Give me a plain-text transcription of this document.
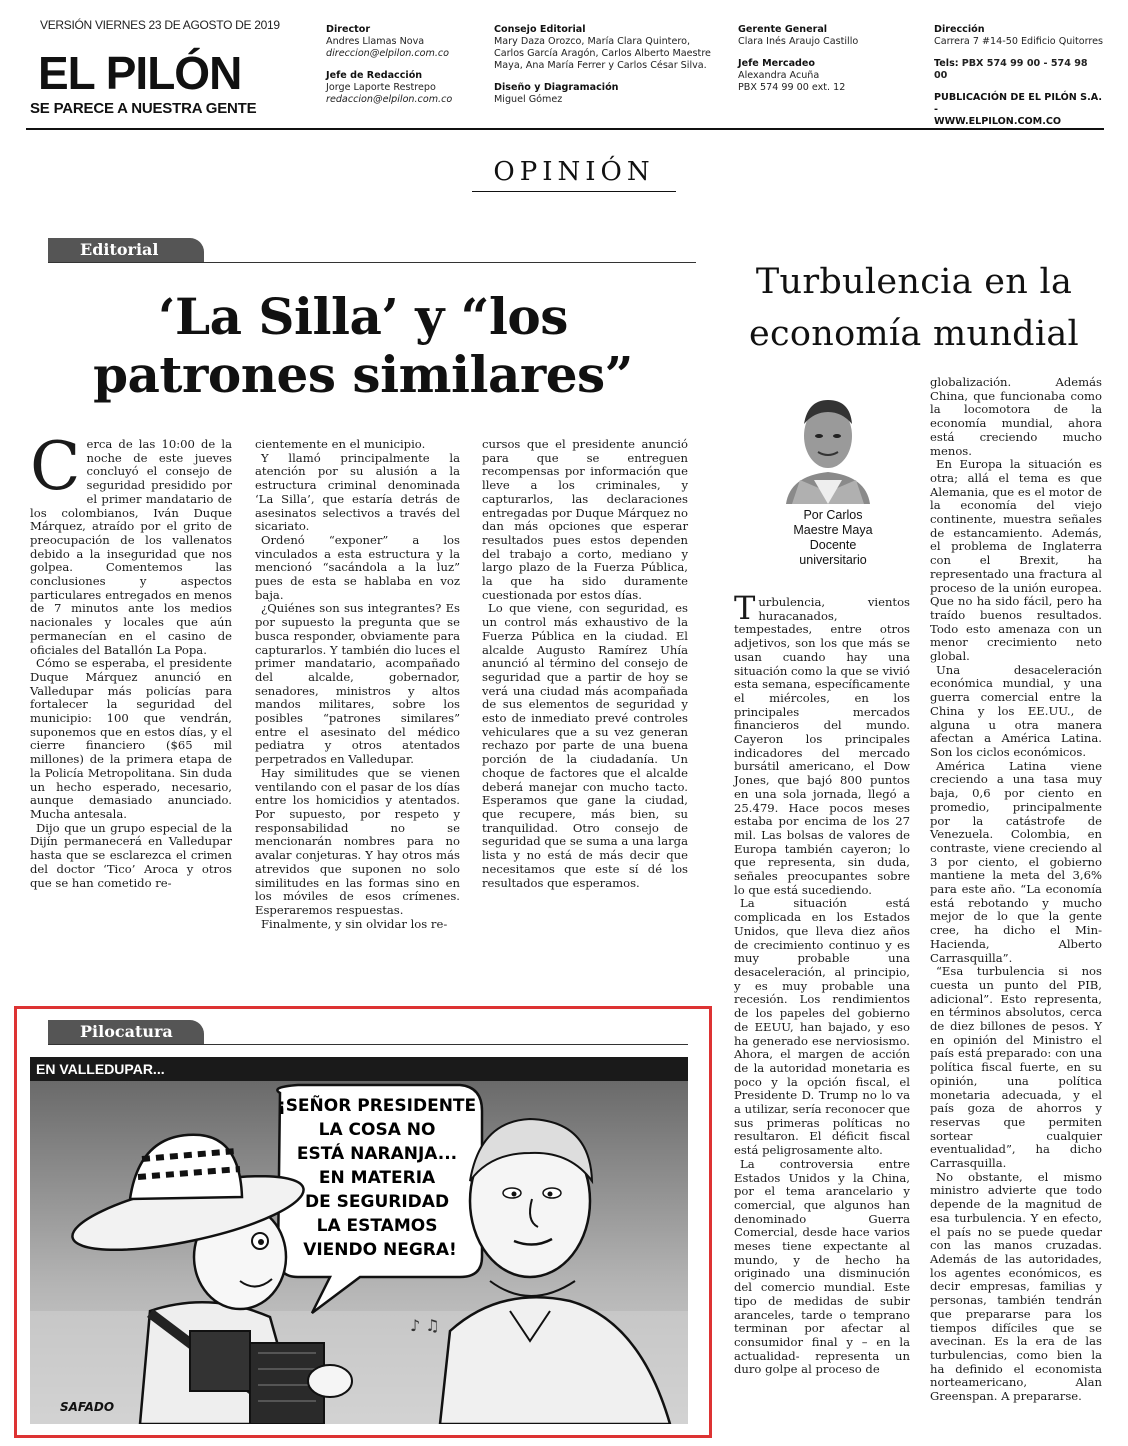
VERSIÓN VIERNES 23 DE AGOSTO DE 2019
EL PILÓN
SE PARECE A NUESTRA GENTE
Director
Andres Llamas Nova
direccion@elpilon.com.co
Jefe de Redacción
Jorge Laporte Restrepo
redaccion@elpilon.com.co
Consejo Editorial
Mary Daza Orozco, María Clara Quintero,
Carlos García Aragón, Carlos Alberto Maestre
Maya, Ana María Ferrer y Carlos César Silva.
Diseño y Diagramación
Miguel Gómez
Gerente General
Clara Inés Araujo Castillo
Jefe Mercadeo
Alexandra Acuña
PBX 574 99 00 ext. 12
Dirección
Carrera 7 #14-50 Edificio Quitorres
Tels: PBX 574 99 00 - 574 98 00
PUBLICACIÓN DE EL PILÓN S.A. -
WWW.ELPILON.COM.CO
OPINIÓN
Editorial
‘La Silla’ y “los
patrones similares”
C erca de las 10:00 de la noche de este jueves concluyó el consejo de seguridad presidido por el primer mandatario de los colombianos, Iván Duque Márquez, atraído por el grito de preocupación de los vallenatos debido a la inseguridad que nos golpea. Comentemos las conclusiones y aspectos particulares entregados en menos de 7 minutos ante los medios nacionales y locales que aún permanecían en el casino de oficiales del Batallón La Popa.

Cómo se esperaba, el presidente Duque Márquez anunció en Valledupar más policías para fortalecer la seguridad del municipio: 100 que vendrán, suponemos que en estos días, y el cierre financiero ($65 mil millones) de la primera etapa de la Policía Metropolitana. Sin duda un hecho esperado, necesario, aunque demasiado anunciado. Mucha antesala.

Dijo que un grupo especial de la Dijín permanecerá en Valledupar hasta que se esclarezca el crimen del doctor ‘Tico’ Aroca y otros que se han cometido re-

cientemente en el municipio.

Y llamó principalmente la atención por su alusión a la estructura criminal denominada ‘La Silla’, que estaría detrás de asesinatos selectivos a través del sicariato.

Ordenó “exponer” a los vinculados a esta estructura y la mencionó “sacándola a la luz” pues de esta se hablaba en voz baja.

¿Quiénes son sus integrantes? Es por supuesto la pregunta que se busca responder, obviamente para capturarlos. Y también dio luces el primer mandatario, acompañado del alcalde, gobernador, senadores, ministros y altos mandos militares, sobre los posibles “patrones similares” entre el asesinato del médico pediatra y otros atentados perpetrados en Valledupar.

Hay similitudes que se vienen ventilando con el pasar de los días entre los homicidios y atentados. Por supuesto, por respeto y responsabilidad no se mencionarán nombres para no avalar conjeturas. Y hay otros más atrevidos que suponen no solo similitudes en las formas sino en los móviles de esos crímenes. Esperaremos respuestas.

Finalmente, y sin olvidar los re-

cursos que el presidente anunció para que se entreguen recompensas por información que lleve a los criminales, y capturarlos, las declaraciones entregadas por Duque Márquez no dan más opciones que esperar resultados pues estos dependen del trabajo a corto, mediano y largo plazo de la Fuerza Pública, la que ha sido duramente cuestionada por estos días.

Lo que viene, con seguridad, es un control más exhaustivo de la Fuerza Pública en la ciudad. El alcalde Augusto Ramírez Uhía anunció al término del consejo de seguridad que a partir de hoy se verá una ciudad más acompañada de sus elementos de seguridad y esto de inmediato prevé controles vehiculares que a su vez generan rechazo por parte de una buena porción de la ciudadanía. Un choque de factores que el alcalde deberá manejar con mucho tacto. Esperamos que gane la ciudad, que recupere, más bien, su tranquilidad. Otro consejo de seguridad que se suma a una larga lista y no está de más decir que necesitamos que este sí dé los resultados que esperamos.

Pilocatura
EN VALLEDUPAR...
¡SEÑOR PRESIDENTE LA COSA NO ESTÁ NARANJA... EN MATERIA DE SEGURIDAD LA ESTAMOS VIENDO NEGRA!
♪ ♫
SAFADO
Turbulencia en la
economía mundial
Por Carlos
Maestre Maya
Docente
universitario
T urbulencia, vientos huracanados, tempestades, entre otros adjetivos, son los que más se usan cuando hay una situación como la que se vivió esta semana, específicamente el miércoles, en los principales mercados financieros del mundo. Cayeron los principales indicadores del mercado bursátil americano, el Dow Jones, que bajó 800 puntos en una sola jornada, llegó a 25.479. Hace pocos meses estaba por encima de los 27 mil. Las bolsas de valores de Europa también cayeron; lo que representa, sin duda, señales preocupantes sobre lo que está sucediendo.

La situación está complicada en los Estados Unidos, que lleva diez años de crecimiento continuo y es muy probable una desaceleración, al principio, y es muy probable una recesión. Los rendimientos de los papeles del gobierno de EEUU, han bajado, y eso ha generado ese nerviosismo. Ahora, el margen de acción de la autoridad monetaria es poco y la opción fiscal, el Presidente D. Trump no lo va a utilizar, sería reconocer que sus primeras políticas no resultaron. El déficit fiscal está peligrosamente alto.

La controversia entre Estados Unidos y la China, por el tema arancelario y comercial, que algunos han denominado Guerra Comercial, desde hace varios meses tiene expectante al mundo, y de hecho ha originado una disminución del comercio mundial. Este tipo de medidas de subir aranceles, tarde o temprano terminan por afectar al consumidor final y – en la actualidad- representa un duro golpe al proceso de

globalización. Además China, que funcionaba como la locomotora de la economía mundial, ahora está creciendo mucho menos.

En Europa la situación es otra; allá el tema es que Alemania, que es el motor de la economía del viejo continente, muestra señales de estancamiento. Además, el problema de Inglaterra con el Brexit, ha representado una fractura al proceso de la unión europea. Que no ha sido fácil, pero ha traído buenos resultados. Todo esto amenaza con un menor crecimiento neto global.

Una desaceleración económica mundial, y una guerra comercial entre la China y los EE.UU., de alguna u otra manera afectan a América Latina. Son los ciclos económicos.

América Latina viene creciendo a una tasa muy baja, 0,6 por ciento en promedio, principalmente por la catástrofe de Venezuela. Colombia, en contraste, viene creciendo al 3 por ciento, el gobierno mantiene la meta del 3,6% para este año. “La economía está rebotando y mucho mejor de lo que la gente cree, ha dicho el Min-Hacienda, Alberto Carrasquilla”.

“Esa turbulencia si nos cuesta un punto del PIB, adicional”. Esto representa, en términos absolutos, cerca de diez billones de pesos. Y en opinión del Ministro el país está preparado: con una política fiscal fuerte, en su opinión, una política monetaria adecuada, y el país goza de ahorros y reservas que permiten sortear cualquier eventualidad”, ha dicho Carrasquilla.

No obstante, el mismo ministro advierte que todo depende de la magnitud de esa turbulencia. Y en efecto, el país no se puede quedar con las manos cruzadas. Además de las autoridades, los agentes económicos, es decir empresas, familias y personas, también tendrán que prepararse para los tiempos difíciles que se avecinan. Es la era de las turbulencias, como bien la ha definido el economista norteamericano, Alan Greenspan. A prepararse.
